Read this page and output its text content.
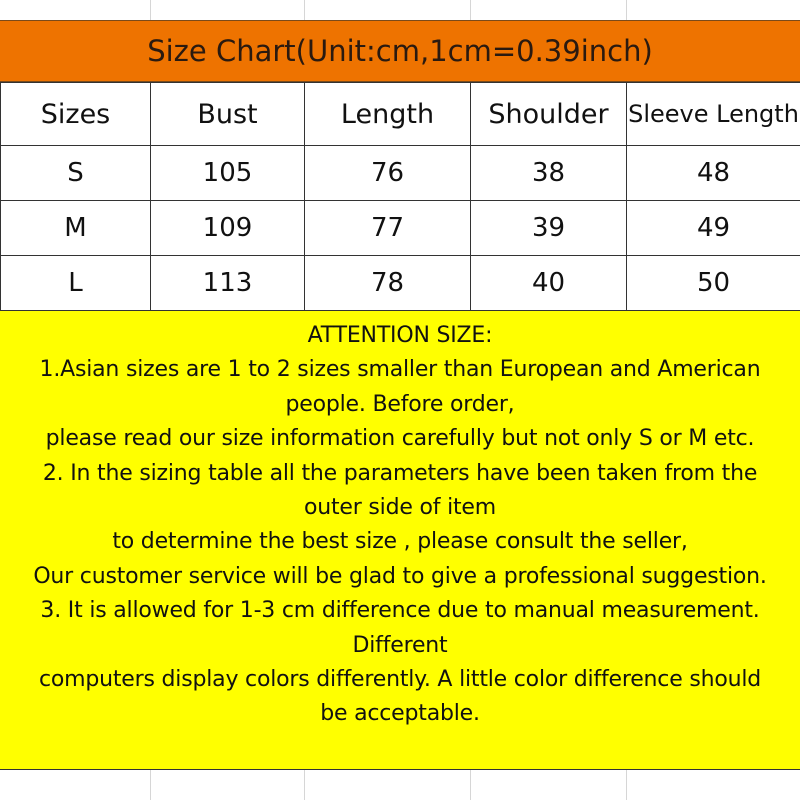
Size Chart(Unit:cm,1cm=0.39inch)
Sizes	Bust	Length	Shoulder	Sleeve Length
S	105	76	38	48
M	109	77	39	49
L	113	78	40	50
ATTENTION SIZE:
1.Asian sizes are 1 to 2 sizes smaller than European and American
people. Before order,
please read our size information carefully but not only S or M etc.
2. In the sizing table all the parameters have been taken from the
outer side of item
to determine the best size , please consult the seller,
Our customer service will be glad to give a professional suggestion.
3. It is allowed for 1-3 cm difference due to manual measurement.
Different
computers display colors differently. A little color difference should
be acceptable.
